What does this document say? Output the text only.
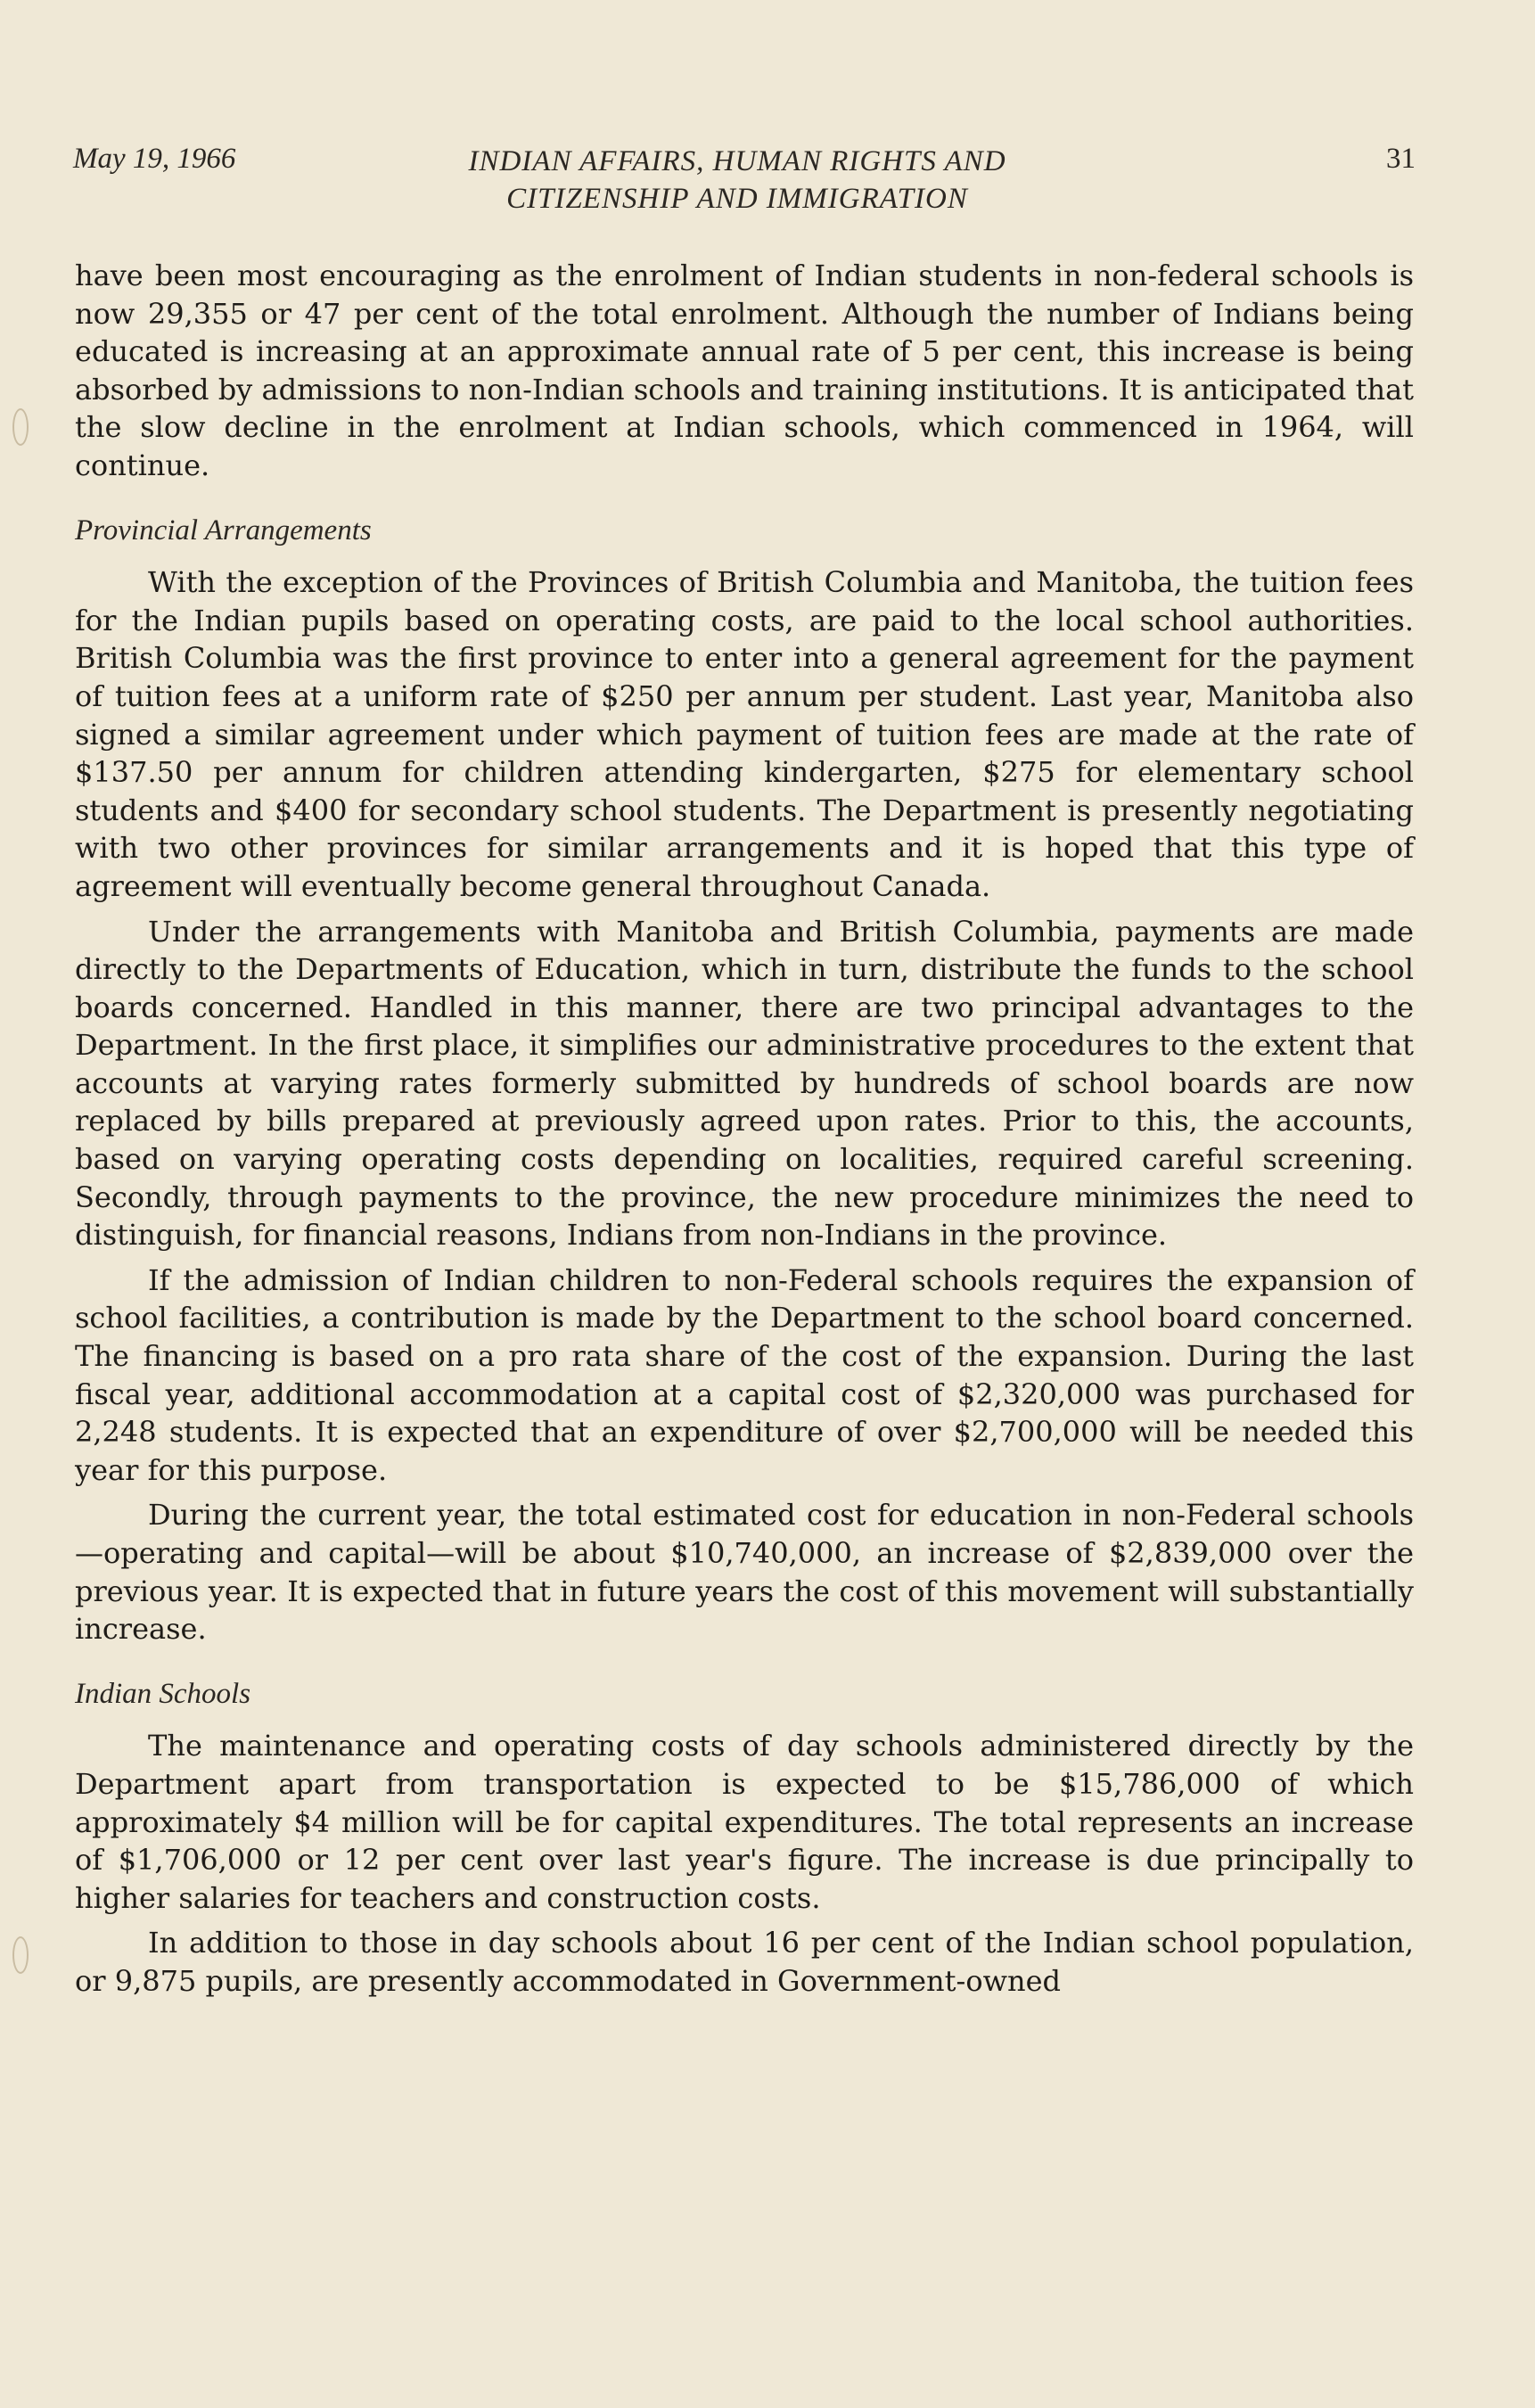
May 19, 1966	INDIAN AFFAIRS, HUMAN RIGHTS AND
CITIZENSHIP AND IMMIGRATION
31

have been most encouraging as the enrolment of Indian students in non-federal schools is now 29,355 or 47 per cent of the total enrolment. Although the number of Indians being educated is increasing at an approximate annual rate of 5 per cent, this increase is being absorbed by admissions to non-Indian schools and training institutions. It is anticipated that the slow decline in the enrolment at Indian schools, which commenced in 1964, will continue.

Provincial Arrangements

With the exception of the Provinces of British Columbia and Manitoba, the tuition fees for the Indian pupils based on operating costs, are paid to the local school authorities. British Columbia was the first province to enter into a general agreement for the payment of tuition fees at a uniform rate of $250 per annum per student. Last year, Manitoba also signed a similar agreement under which payment of tuition fees are made at the rate of $137.50 per annum for children attending kindergarten, $275 for elementary school students and $400 for secondary school students. The Department is presently negotiating with two other provinces for similar arrangements and it is hoped that this type of agreement will eventually become general throughout Canada.

Under the arrangements with Manitoba and British Columbia, payments are made directly to the Departments of Education, which in turn, distribute the funds to the school boards concerned. Handled in this manner, there are two principal advantages to the Department. In the first place, it simplifies our administrative procedures to the extent that accounts at varying rates formerly submitted by hundreds of school boards are now replaced by bills prepared at previously agreed upon rates. Prior to this, the accounts, based on varying operating costs depending on localities, required careful screening. Secondly, through payments to the province, the new procedure minimizes the need to distinguish, for financial reasons, Indians from non-Indians in the province.

If the admission of Indian children to non-Federal schools requires the expansion of school facilities, a contribution is made by the Department to the school board concerned. The financing is based on a pro rata share of the cost of the expansion. During the last fiscal year, additional accommodation at a capital cost of $2,320,000 was purchased for 2,248 students. It is expected that an expenditure of over $2,700,000 will be needed this year for this purpose.

During the current year, the total estimated cost for education in non-Federal schools—operating and capital—will be about $10,740,000, an increase of $2,839,000 over the previous year. It is expected that in future years the cost of this movement will substantially increase.

Indian Schools

The maintenance and operating costs of day schools administered directly by the Department apart from transportation is expected to be $15,786,000 of which approximately $4 million will be for capital expenditures. The total represents an increase of $1,706,000 or 12 per cent over last year's figure. The increase is due principally to higher salaries for teachers and construction costs.

In addition to those in day schools about 16 per cent of the Indian school population, or 9,875 pupils, are presently accommodated in Government-owned
